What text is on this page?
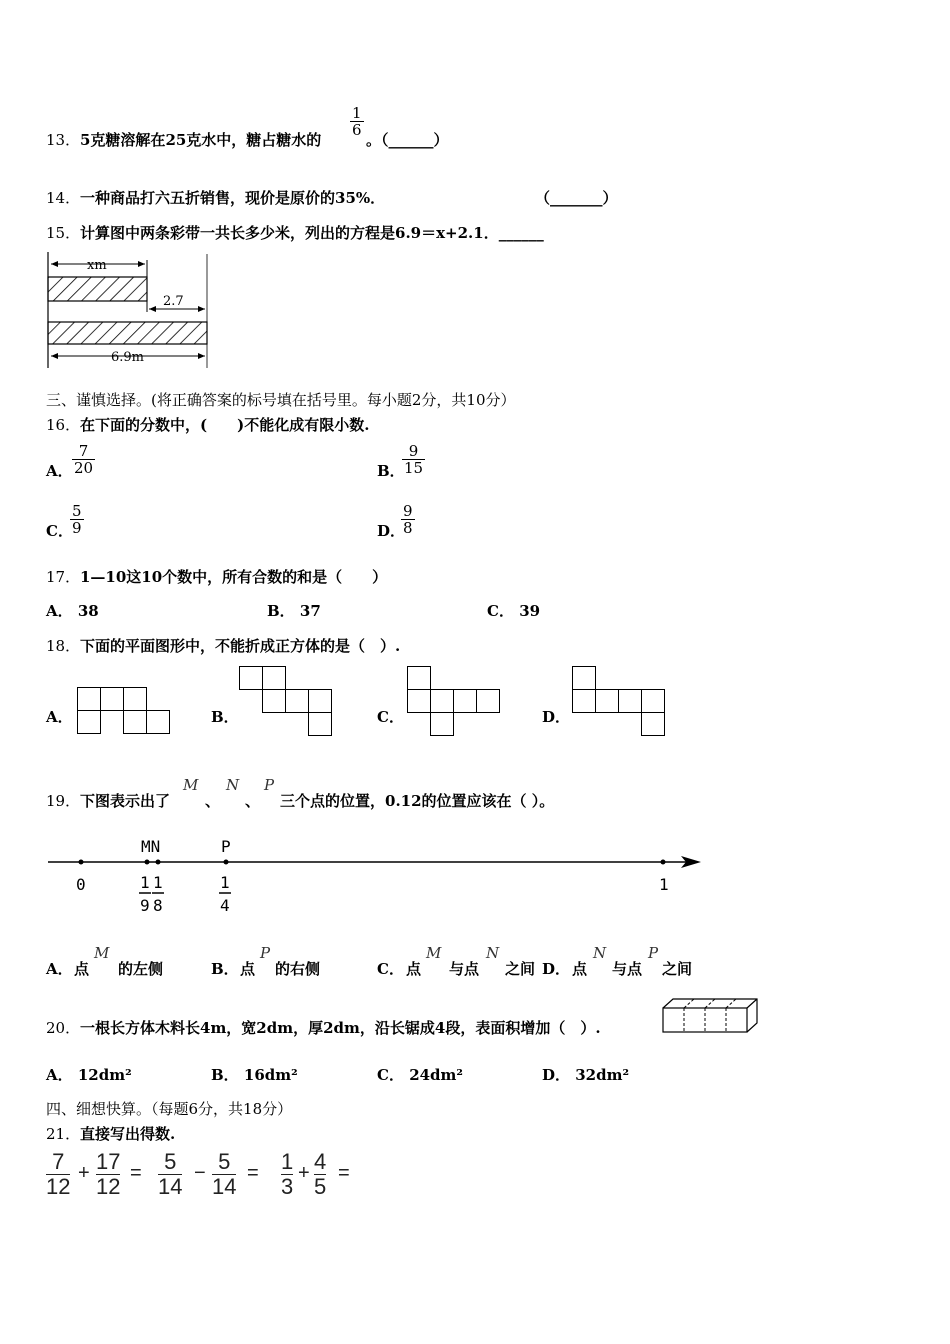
13． 5克糖溶解在25克水中，糖占糖水的
1
6
。（______）
14． 一种商品打六五折销售，现价是原价的35%．	（_______）
15． 计算图中两条彩带一共长多少米，列出的方程是6.9＝x+2.1．______
xm
2.7
6.9m
三、谨慎选择。(将正确答案的标号填在括号里。每小题2分，共10分）
16． 在下面的分数中，(　　)不能化成有限小数.
A．
7
20	B．
9
15
C．
5
9	D．
9
8
17． 1—10这10个数中，所有合数的和是（　　）
A． 38	B． 37	C． 39
18． 下面的平面图形中，不能折成正方体的是（　）.
A．	B．	C．	D．
19． 下图表示出了
M
、
N
、
P
三个点的位置，0.12的位置应该在（ ）。
MN	P
0	1
1
9
1
8
1
4
A． 点
M
的左侧	B． 点
P
的右侧	C． 点
M
与点
N
之间 D． 点
N
与点
P
之间
20． 一根长方体木料长4m，宽2dm，厚2dm，沿长锯成4段，表面积增加（　）.
A． 12dm²	B． 16dm²	C． 24dm²	D． 32dm²
四、细想快算。（每题6分，共18分）
21． 直接写出得数.
7
12
+ 17
12
= 5
14
− 5
14
= 1
3
+ 4
5
=
